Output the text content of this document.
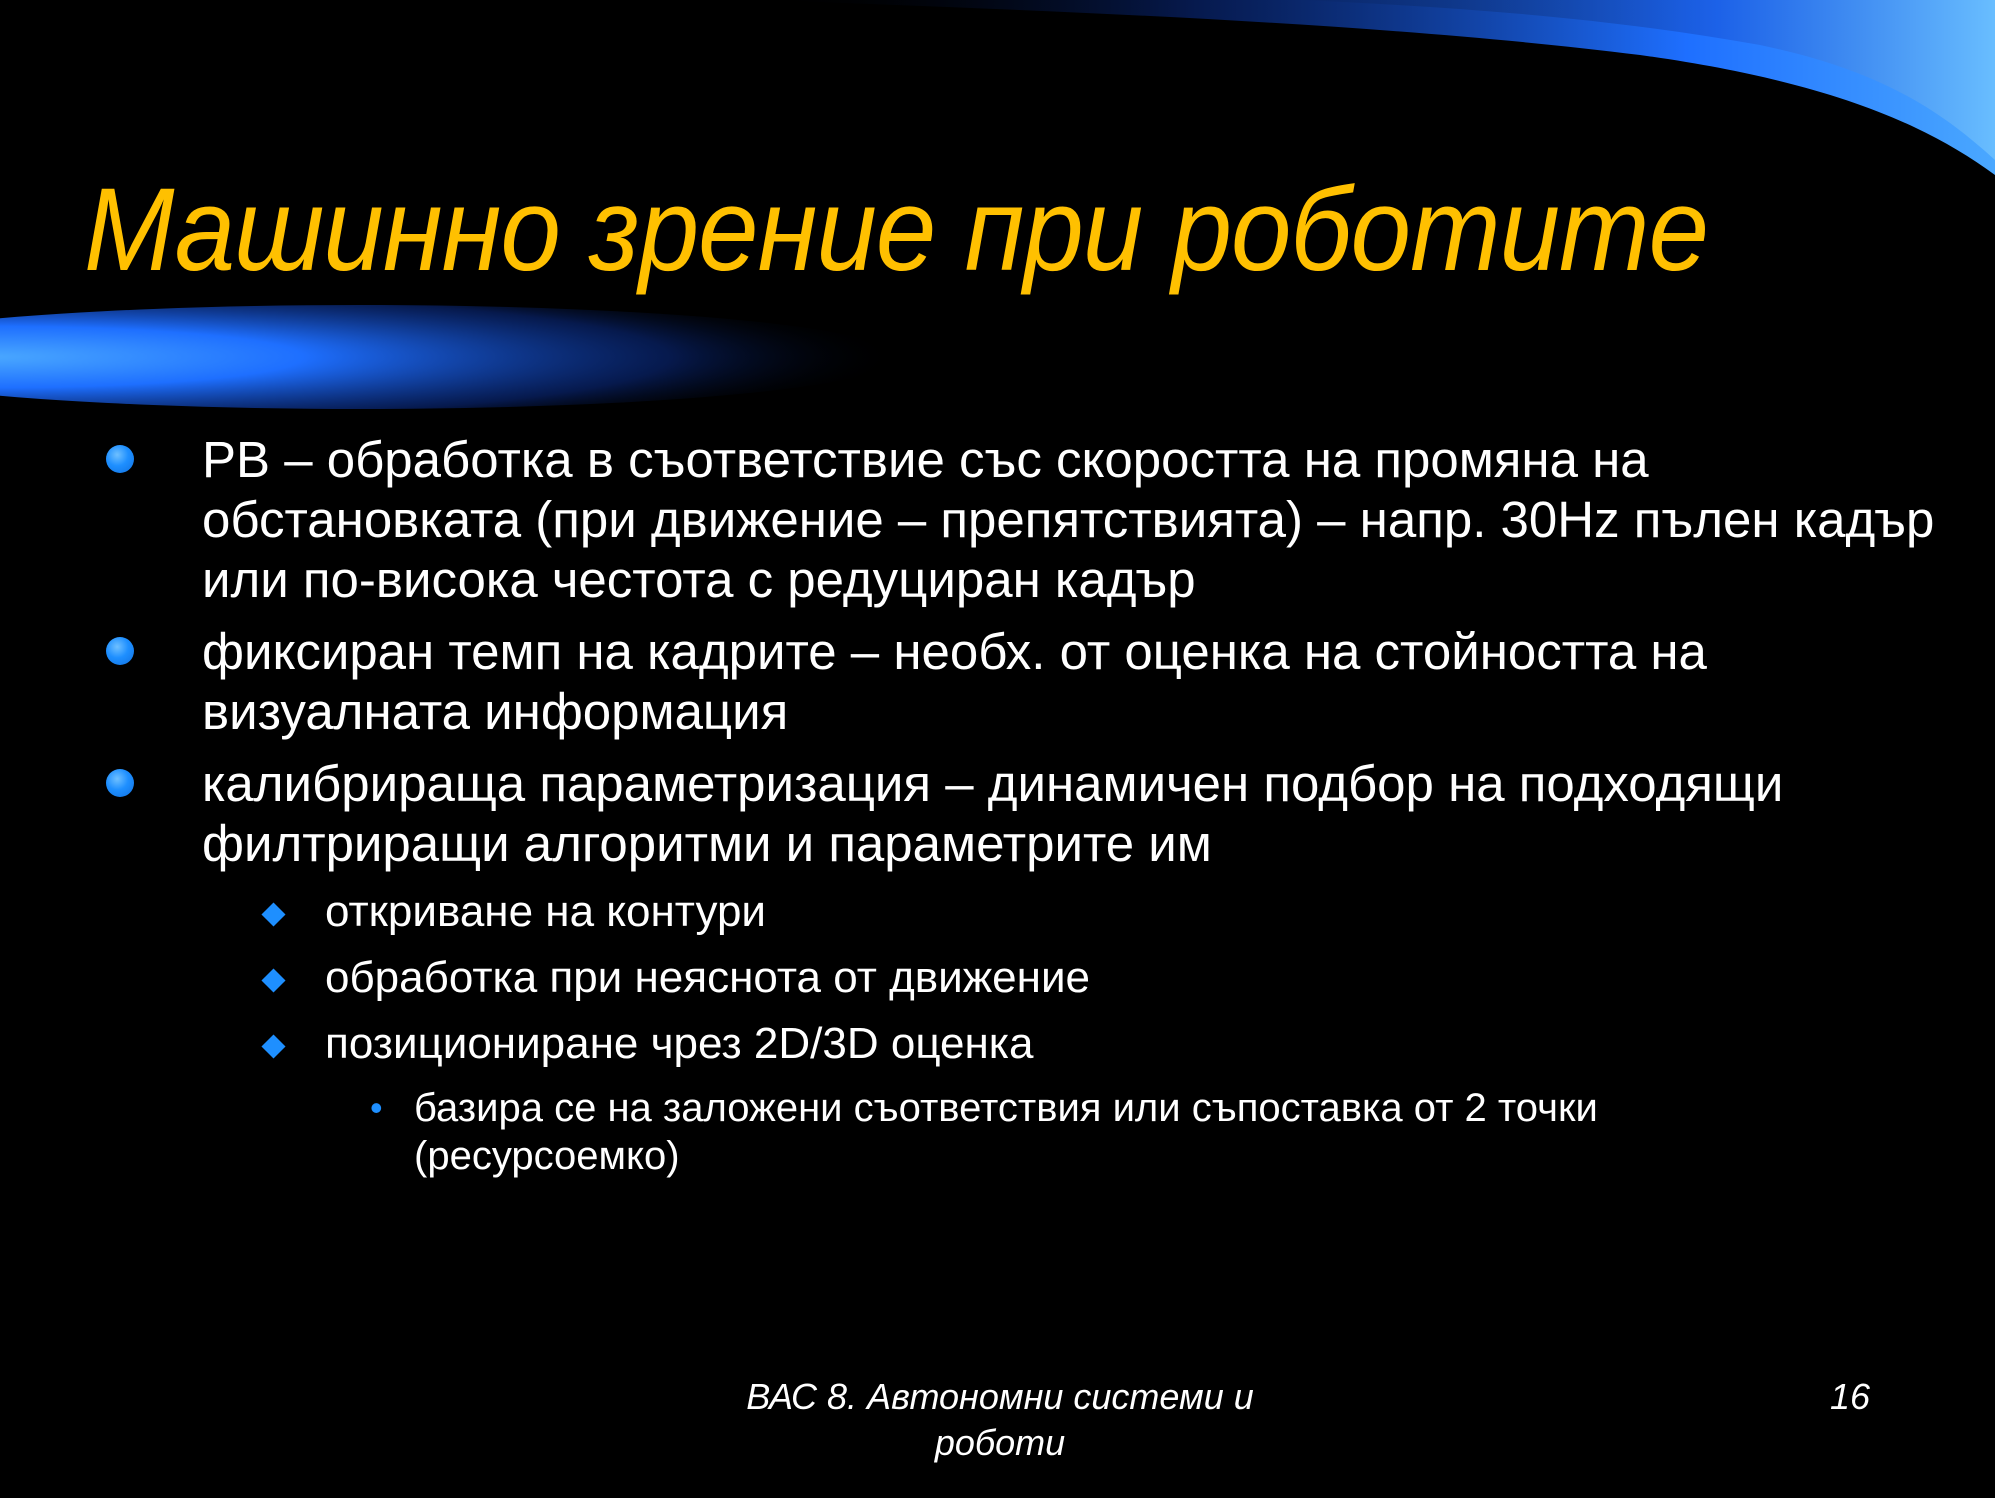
Машинно зрение при роботите
РВ – обработка в съответствие със скоростта на промяна на обстановката (при движение – препятствията) – напр. 30Hz пълен кадър или по-висока честота с редуциран кадър
фиксиран темп на кадрите – необх. от оценка на стойността на визуалната информация
калибрираща параметризация – динамичен подбор на подходящи филтриращи алгоритми и параметрите им
откриване на контури
обработка при неяснота от движение
позициониране чрез 2D/3D оценка
• базира се на заложени съответствия или съпоставка от 2 точки (ресурсоемко)
ВАС 8. Автономни системи и роботи
16
